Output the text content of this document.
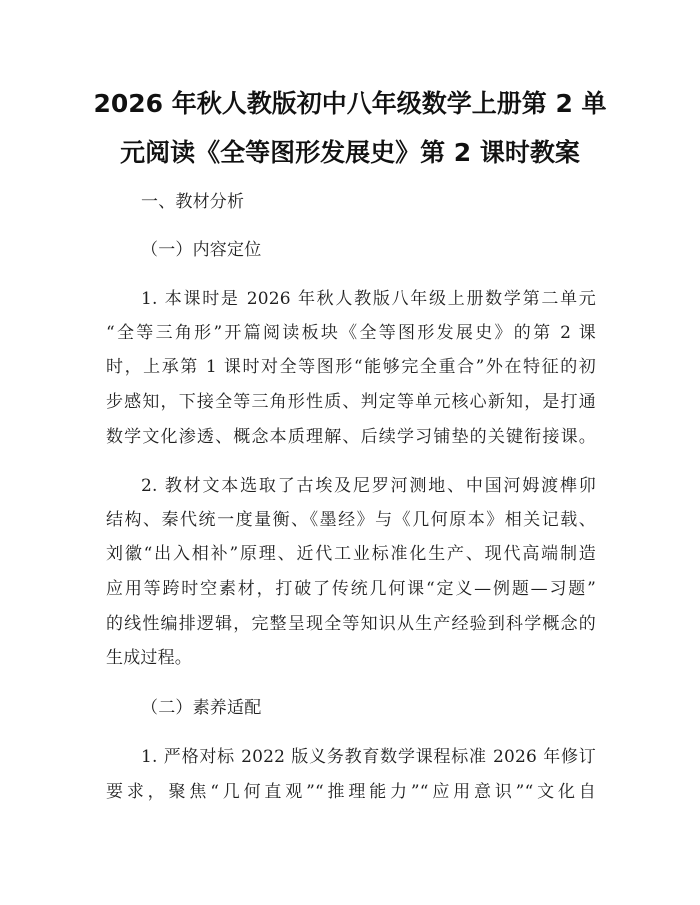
2026 年秋人教版初中八年级数学上册第 2 单
元阅读《全等图形发展史》第 2 课时教案
一、教材分析
（一）内容定位
1. 本课时是 2026 年秋人教版八年级上册数学第二单元
“全等三角形”开篇阅读板块《全等图形发展史》的第 2 课
时，上承第 1 课时对全等图形“能够完全重合”外在特征的初
步感知，下接全等三角形性质、判定等单元核心新知，是打通
数学文化渗透、概念本质理解、后续学习铺垫的关键衔接课。
2. 教材文本选取了古埃及尼罗河测地、中国河姆渡榫卯
结构、秦代统一度量衡、《墨经》与《几何原本》相关记载、
刘徽“出入相补”原理、近代工业标准化生产、现代高端制造
应用等跨时空素材，打破了传统几何课“定义—例题—习题”
的线性编排逻辑，完整呈现全等知识从生产经验到科学概念的
生成过程。
（二）素养适配
1. 严格对标 2022 版义务教育数学课程标准 2026 年修订
要求，聚焦“几何直观”“推理能力”“应用意识”“文化自
